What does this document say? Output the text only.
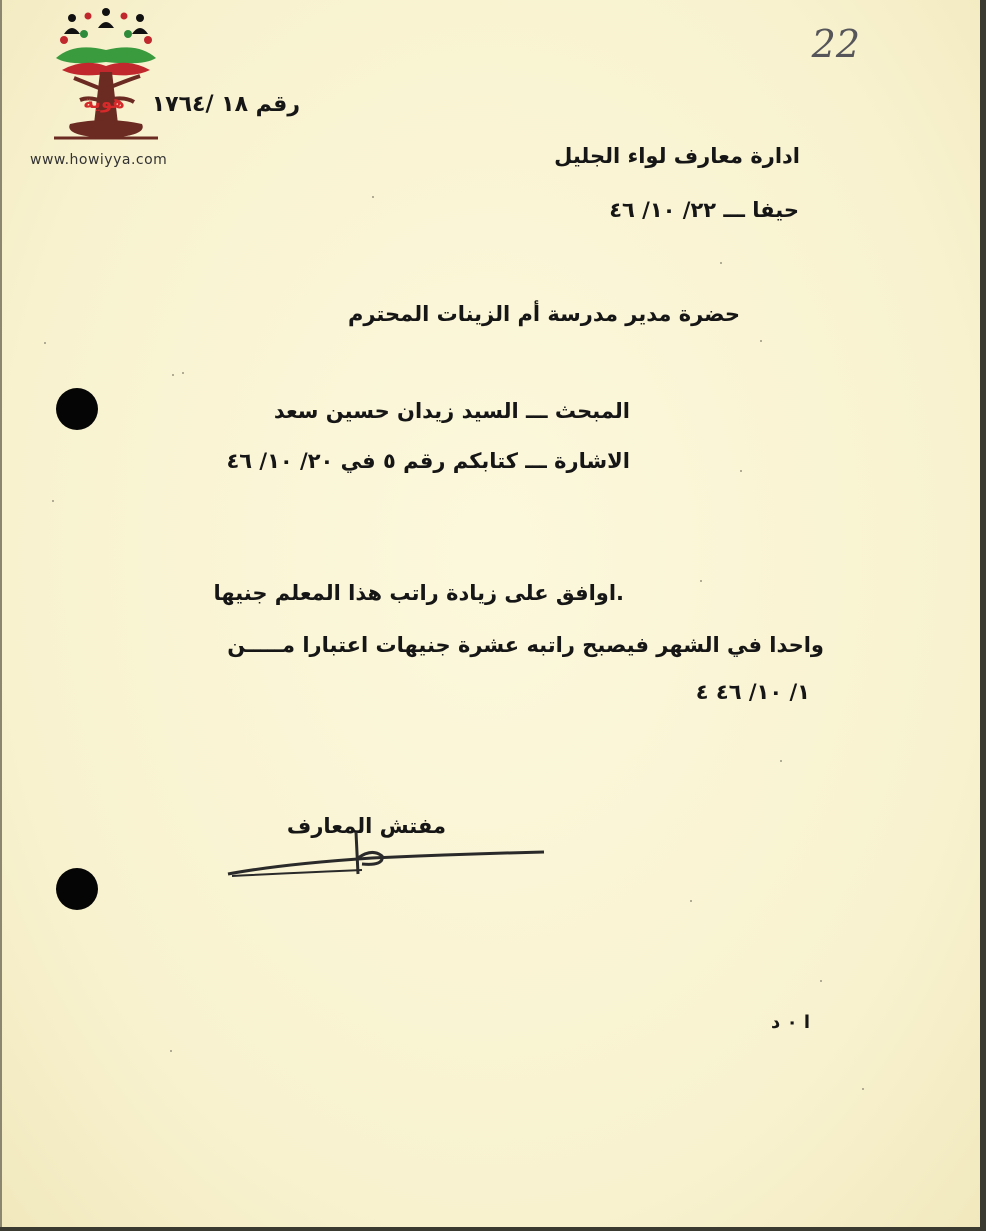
هوية
www.howiyya.com
22
رقم ١٨ /١٧٦٤
ادارة معارف لواء الجليل
حيفا ـــ ٢٢/ ١٠/ ٤٦
حضرة مدير مدرسة أم الزينات المحترم
المبحث ـــ السيد زيدان حسين سعد
الاشارة ـــ كتابكم رقم ٥ في ٢٠/ ١٠/ ٤٦
.اوافق على زيادة راتب هذا المعلم جنيها
واحدا في الشهر فيصبح راتبه عشرة جنيهات اعتبارا مـــــن
١/ ١٠/ ٤٦ ٤
مفتش المعارف
ا ٠ د
